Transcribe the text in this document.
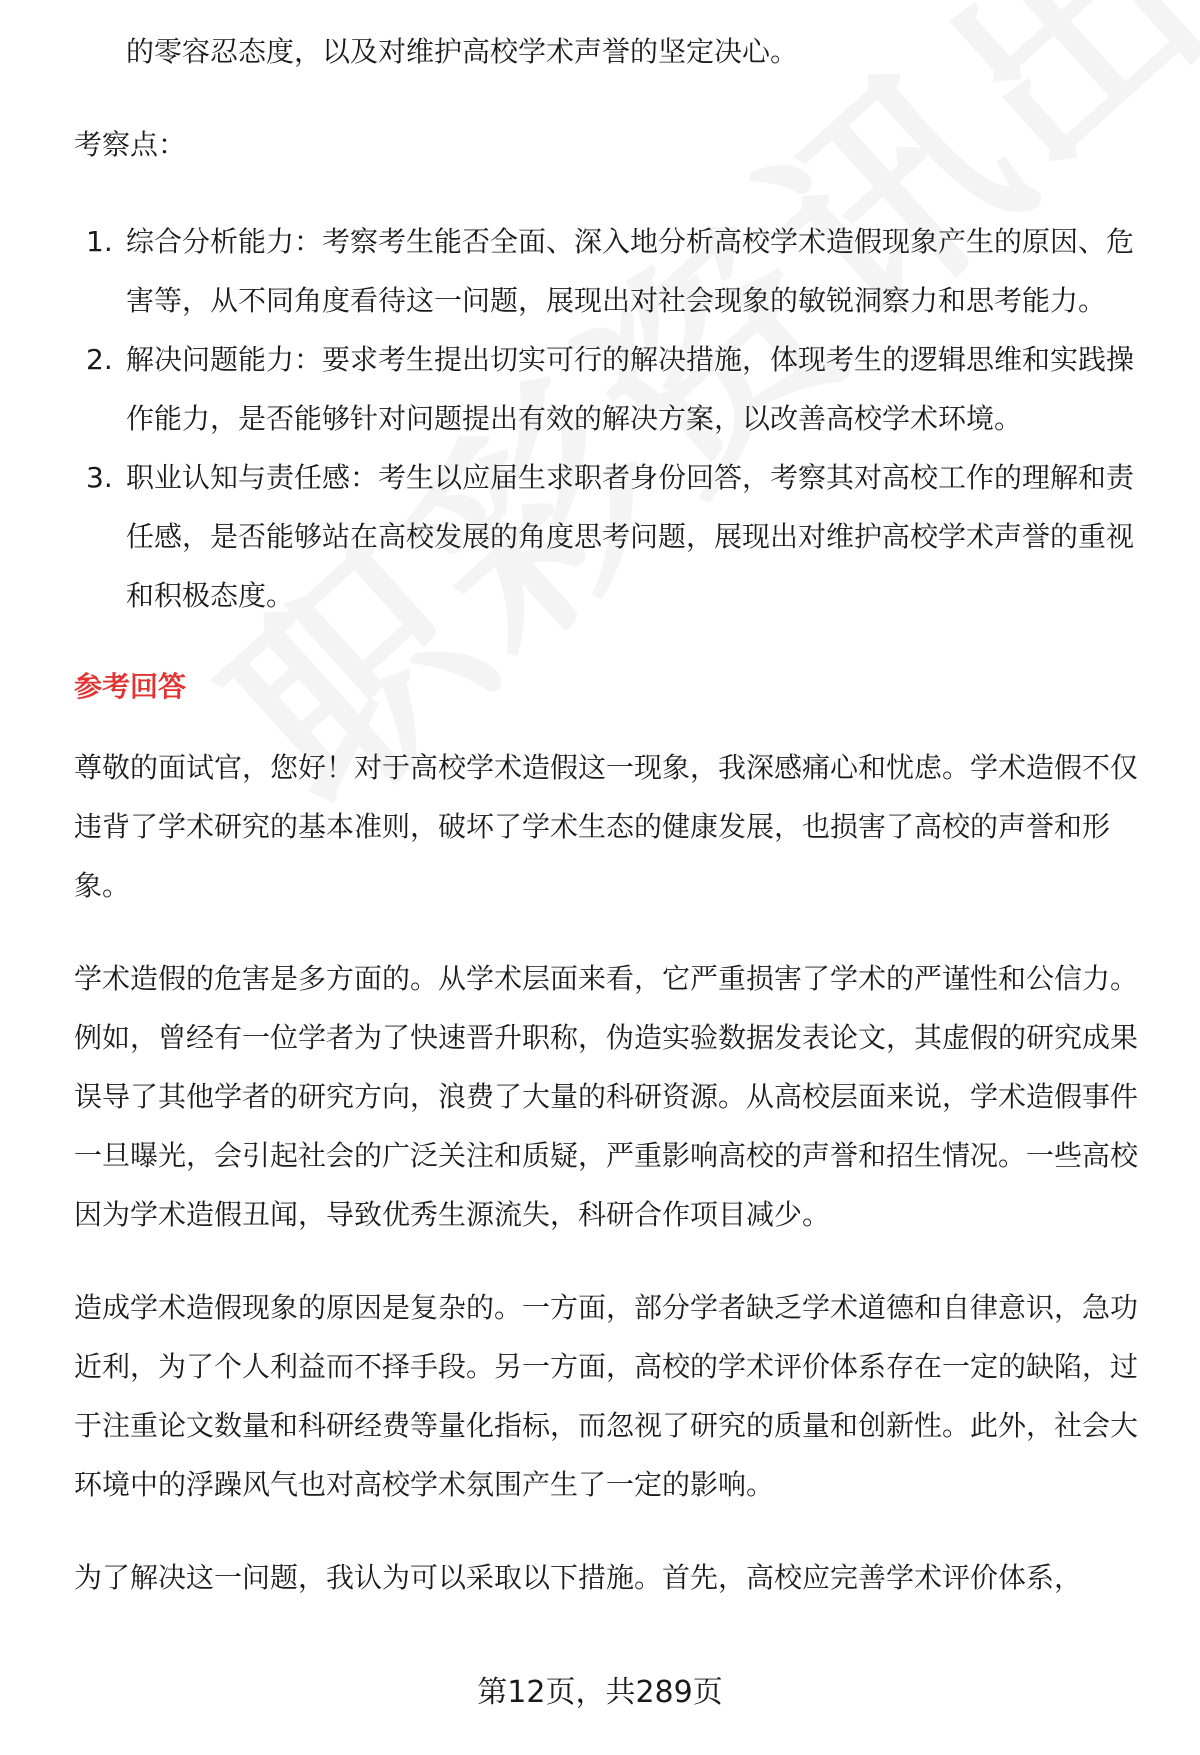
的零容忍态度，以及对维护高校学术声誉的坚定决心。

考察点：

1. 综合分析能力：考察考生能否全面、深入地分析高校学术造假现象产生的原因、危害等，从不同角度看待这一问题，展现出对社会现象的敏锐洞察力和思考能力。
2. 解决问题能力：要求考生提出切实可行的解决措施，体现考生的逻辑思维和实践操作能力，是否能够针对问题提出有效的解决方案，以改善高校学术环境。
3. 职业认知与责任感：考生以应届生求职者身份回答，考察其对高校工作的理解和责任感，是否能够站在高校发展的角度思考问题，展现出对维护高校学术声誉的重视和积极态度。

参考回答

尊敬的面试官，您好！对于高校学术造假这一现象，我深感痛心和忧虑。学术造假不仅违背了学术研究的基本准则，破坏了学术生态的健康发展，也损害了高校的声誉和形象。

学术造假的危害是多方面的。从学术层面来看，它严重损害了学术的严谨性和公信力。例如，曾经有一位学者为了快速晋升职称，伪造实验数据发表论文，其虚假的研究成果误导了其他学者的研究方向，浪费了大量的科研资源。从高校层面来说，学术造假事件一旦曝光，会引起社会的广泛关注和质疑，严重影响高校的声誉和招生情况。一些高校因为学术造假丑闻，导致优秀生源流失，科研合作项目减少。

造成学术造假现象的原因是复杂的。一方面，部分学者缺乏学术道德和自律意识，急功近利，为了个人利益而不择手段。另一方面，高校的学术评价体系存在一定的缺陷，过于注重论文数量和科研经费等量化指标，而忽视了研究的质量和创新性。此外，社会大环境中的浮躁风气也对高校学术氛围产生了一定的影响。

为了解决这一问题，我认为可以采取以下措施。首先，高校应完善学术评价体系，

第12页，共289页
